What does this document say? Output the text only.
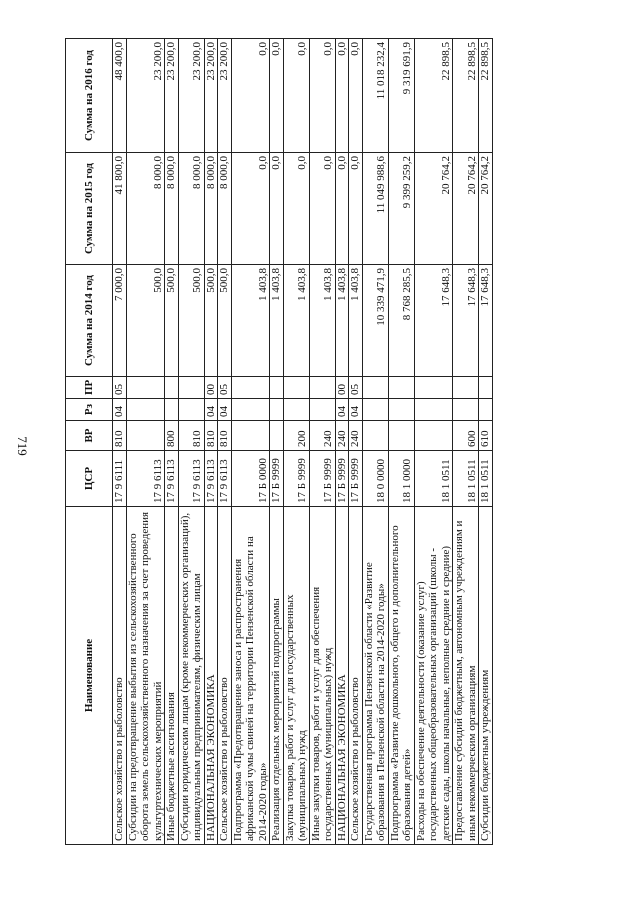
719
Наименование	ЦСР	ВР	Рз	ПР	Сумма на 2014 год	Сумма на 2015 год	Сумма на 2016 год
Сельское хозяйство и рыболовство	17 9 6111	810	04	05	7 000,0	41 800,0	48 400,0
Субсидии на предотвращение выбытия из сельскохозяйственного оборота земель сельскохозяйственного назначения за счет проведения культуртехнических мероприятий	17 9 6113				500,0	8 000,0	23 200,0
Иные бюджетные ассигнования	17 9 6113	800			500,0	8 000,0	23 200,0
Субсидии юридическим лицам (кроме некоммерческих организаций), индивидуальным предпринимателям, физическим лицам	17 9 6113	810			500,0	8 000,0	23 200,0
НАЦИОНАЛЬНАЯ ЭКОНОМИКА	17 9 6113	810	04	00	500,0	8 000,0	23 200,0
Сельское хозяйство и рыболовство	17 9 6113	810	04	05	500,0	8 000,0	23 200,0
Подпрограмма «Предотвращение заноса и распространения африканской чумы свиней на территории Пензенской области на 2014-2020 годы»	17 Б 0000				1 403,8	0,0	0,0
Реализация отдельных мероприятий подпрограммы	17 Б 9999				1 403,8	0,0	0,0
Закупка товаров, работ и услуг для государственных (муниципальных) нужд	17 Б 9999	200			1 403,8	0,0	0,0
Иные закупки товаров, работ и услуг для обеспечения государственных (муниципальных) нужд	17 Б 9999	240			1 403,8	0,0	0,0
НАЦИОНАЛЬНАЯ ЭКОНОМИКА	17 Б 9999	240	04	00	1 403,8	0,0	0,0
Сельское хозяйство и рыболовство	17 Б 9999	240	04	05	1 403,8	0,0	0,0
Государственная программа Пензенской области «Развитие образования в Пензенской области на 2014-2020 годы»	18 0 0000				10 339 471,9	11 049 988,6	11 018 232,4
Подпрограмма «Развитие дошкольного, общего и дополнительного образования детей»	18 1 0000				8 768 285,5	9 399 259,2	9 319 691,9
Расходы на обеспечение деятельности (оказание услуг) государственных общеобразовательных организаций (школы - детские сады, школы начальные, неполные средние и средние)	18 1 0511				17 648,3	20 764,2	22 898,5
Предоставление субсидий бюджетным, автономным учреждениям и иным некоммерческим организациям	18 1 0511	600			17 648,3	20 764,2	22 898,5
Субсидии бюджетным учреждениям	18 1 0511	610			17 648,3	20 764,2	22 898,5
